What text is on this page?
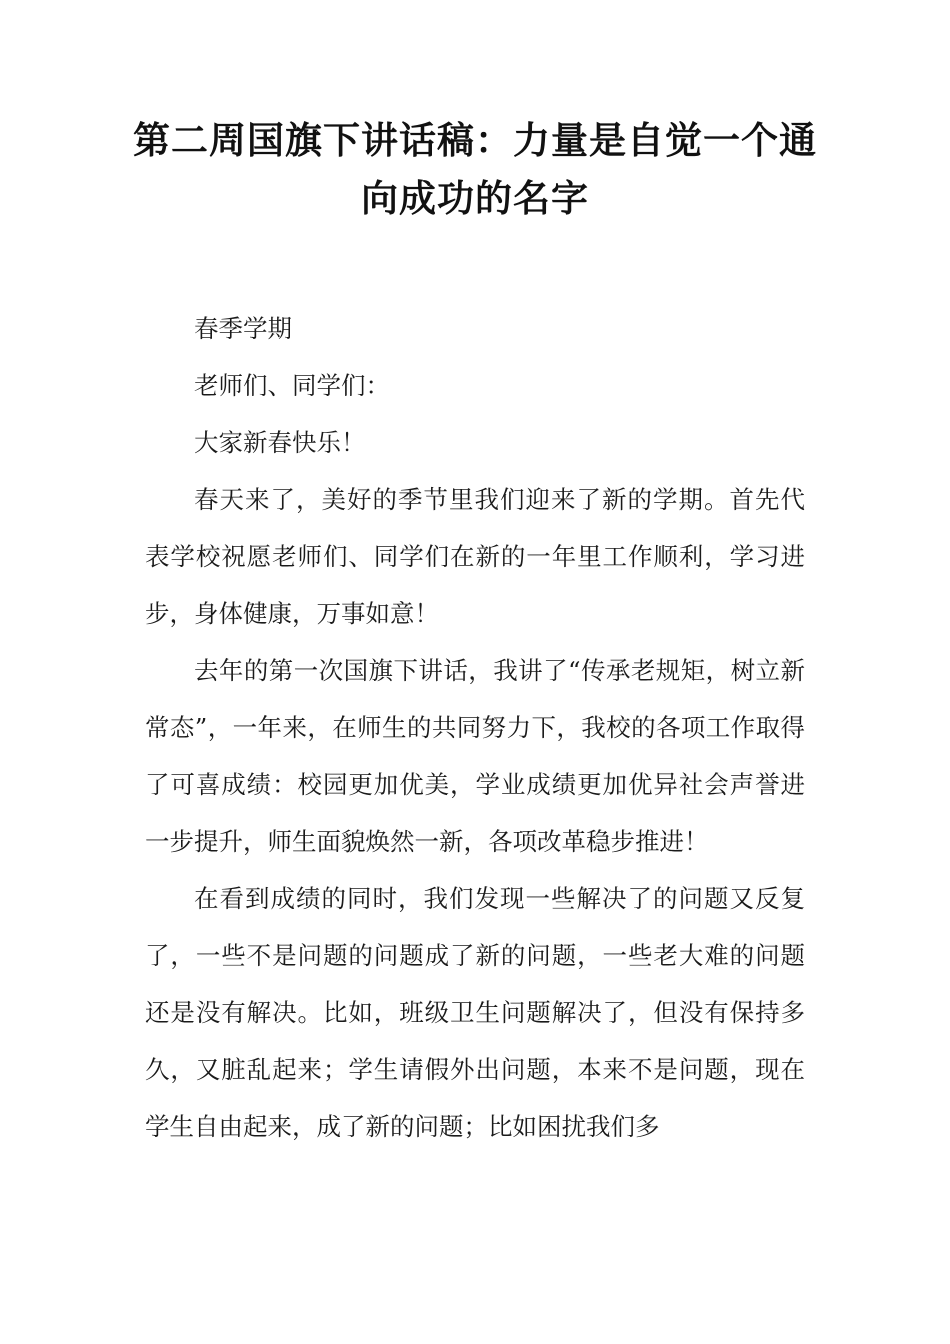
第二周国旗下讲话稿：力量是自觉一个通向成功的名字

春季学期

老师们、同学们：

大家新春快乐！

春天来了，美好的季节里我们迎来了新的学期。首先代表学校祝愿老师们、同学们在新的一年里工作顺利，学习进步，身体健康，万事如意！

去年的第一次国旗下讲话，我讲了“传承老规矩，树立新常态”，一年来，在师生的共同努力下，我校的各项工作取得了可喜成绩：校园更加优美，学业成绩更加优异社会声誉进一步提升，师生面貌焕然一新，各项改革稳步推进！

在看到成绩的同时，我们发现一些解决了的问题又反复了，一些不是问题的问题成了新的问题，一些老大难的问题还是没有解决。比如，班级卫生问题解决了，但没有保持多久，又脏乱起来；学生请假外出问题，本来不是问题，现在学生自由起来，成了新的问题；比如困扰我们多
